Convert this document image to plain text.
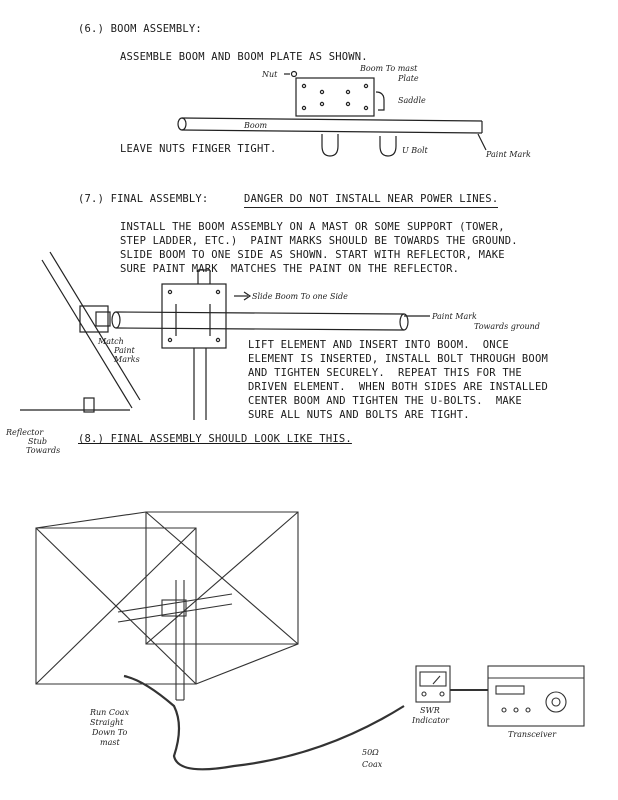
(6.) BOOM ASSEMBLY:
ASSEMBLE BOOM AND BOOM PLATE AS SHOWN.
LEAVE NUTS FINGER TIGHT.
Nut
Boom To mast
Plate
Saddle
Boom
U Bolt	Paint Mark
(7.) FINAL ASSEMBLY:	DANGER DO NOT INSTALL NEAR POWER LINES.
INSTALL THE BOOM ASSEMBLY ON A MAST OR SOME SUPPORT (TOWER,
STEP LADDER, ETC.)  PAINT MARKS SHOULD BE TOWARDS THE GROUND.
SLIDE BOOM TO ONE SIDE AS SHOWN. START WITH REFLECTOR, MAKE
SURE PAINT MARK  MATCHES THE PAINT ON THE REFLECTOR.
Slide Boom To one Side
Paint Mark
Towards ground
Match
Paint
Marks
Reflector
Stub
Towards
LIFT ELEMENT AND INSERT INTO BOOM.  ONCE
ELEMENT IS INSERTED, INSTALL BOLT THROUGH BOOM
AND TIGHTEN SECURELY.  REPEAT THIS FOR THE
DRIVEN ELEMENT.  WHEN BOTH SIDES ARE INSTALLED
CENTER BOOM AND TIGHTEN THE U-BOLTS.  MAKE
SURE ALL NUTS AND BOLTS ARE TIGHT.
(8.) FINAL ASSEMBLY SHOULD LOOK LIKE THIS.
Run Coax
Straight
Down To
mast
50Ω
Coax
SWR
Indicator
Transceiver
